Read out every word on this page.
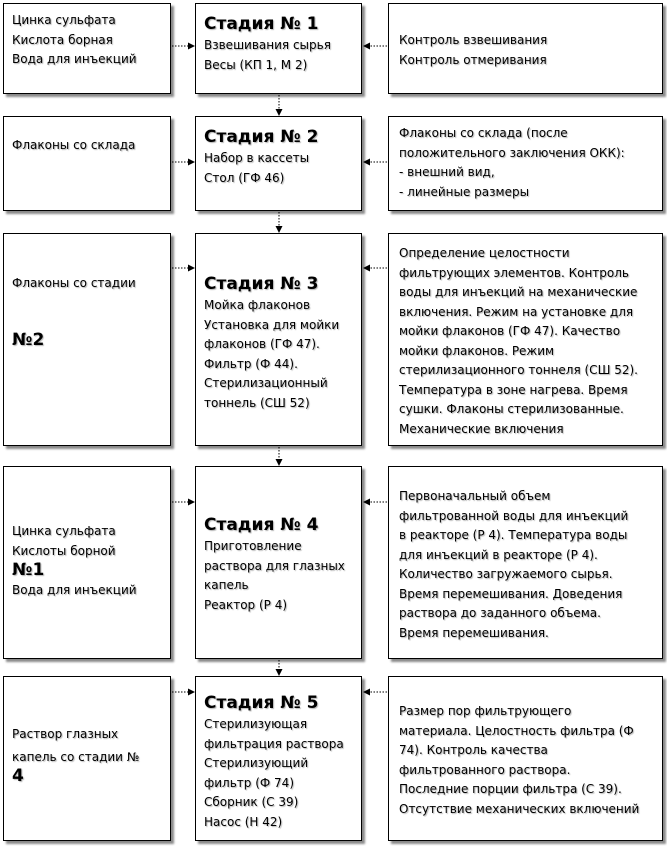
Цинка сульфата
Кислота борная
Вода для инъекций
Стадия № 1
Взвешивания сырья
Весы (КП 1, М 2)
Контроль взвешивания
Контроль отмеривания
Флаконы со склада	Стадия № 2
Набор в кассеты
Стол (ГФ 46)
Флаконы со склада (после
положительного заключения ОКК):
- внешний вид,
- линейные размеры
Флаконы со стадии

№2
Стадия № 3
Мойка флаконов
Установка для мойки
флаконов (ГФ 47).
Фильтр (Ф 44).
Стерилизационный
тоннель (СШ 52)
Определение целостности
фильтрующих элементов. Контроль
воды для инъекций на механические
включения. Режим на установке для
мойки флаконов (ГФ 47). Качество
мойки флаконов. Режим
стерилизационного тоннеля (СШ 52).
Температура в зоне нагрева. Время
сушки. Флаконы стерилизованные.
Механические включения
Цинка сульфата
Кислоты борной
№1
Вода для инъекций
Стадия № 4
Приготовление
раствора для глазных
капель
Реактор (Р 4)
Первоначальный объем
фильтрованной воды для инъекций
в реакторе (Р 4). Температура воды
для инъекций в реакторе (Р 4).
Количество загружаемого сырья.
Время перемешивания. Доведения
раствора до заданного объема.
Время перемешивания.
Раствор глазных
капель со стадии №
4
Стадия № 5
Стерилизующая
фильтрация раствора
Стерилизующий
фильтр (Ф 74)
Сборник (С 39)
Насос (Н 42)
Размер пор фильтрующего
материала. Целостность фильтра (Ф
74). Контроль качества
фильтрованного раствора.
Последние порции фильтра (С 39).
Отсутствие механических включений
